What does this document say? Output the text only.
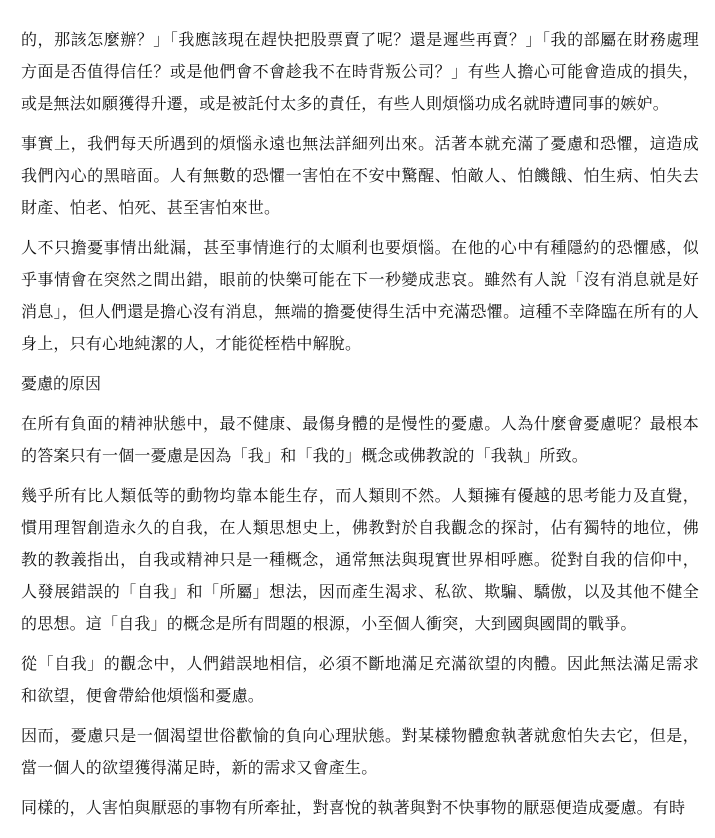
的，那該怎麼辦？」「我應該現在趕快把股票賣了呢？還是遲些再賣？」「我的部屬在財務處理方面是否值得信任？或是他們會不會趁我不在時背叛公司？」有些人擔心可能會造成的損失，或是無法如願獲得升遷，或是被託付太多的責任，有些人則煩惱功成名就時遭同事的嫉妒。

事實上，我們每天所遇到的煩惱永遠也無法詳細列出來。活著本就充滿了憂慮和恐懼，這造成我們內心的黑暗面。人有無數的恐懼一害怕在不安中驚醒、怕敵人、怕饑餓、怕生病、怕失去財產、怕老、怕死、甚至害怕來世。

人不只擔憂事情出紕漏，甚至事情進行的太順利也要煩惱。在他的心中有種隱約的恐懼感，似乎事情會在突然之間出錯，眼前的快樂可能在下一秒變成悲哀。雖然有人說「沒有消息就是好消息」，但人們還是擔心沒有消息，無端的擔憂使得生活中充滿恐懼。這種不幸降臨在所有的人身上，只有心地純潔的人，才能從桎梏中解脫。

憂慮的原因

在所有負面的精神狀態中，最不健康、最傷身體的是慢性的憂慮。人為什麼會憂慮呢？最根本的答案只有一個一憂慮是因為「我」和「我的」概念或佛教說的「我執」所致。

幾乎所有比人類低等的動物均靠本能生存，而人類則不然。人類擁有優越的思考能力及直覺，慣用理智創造永久的自我，在人類思想史上，佛教對於自我觀念的探討，佔有獨特的地位，佛教的教義指出，自我或精神只是一種概念，通常無法與現實世界相呼應。從對自我的信仰中，人發展錯誤的「自我」和「所屬」想法，因而產生渴求、私欲、欺騙、驕傲，以及其他不健全的思想。這「自我」的概念是所有問題的根源，小至個人衝突，大到國與國間的戰爭。

從「自我」的觀念中，人們錯誤地相信，必須不斷地滿足充滿欲望的肉體。因此無法滿足需求和欲望，便會帶給他煩惱和憂慮。

因而，憂慮只是一個渴望世俗歡愉的負向心理狀態。對某樣物體愈執著就愈怕失去它，但是，當一個人的欲望獲得滿足時，新的需求又會產生。

同樣的，人害怕與厭惡的事物有所牽扯，對喜悅的執著與對不快事物的厭惡便造成憂慮。有時
